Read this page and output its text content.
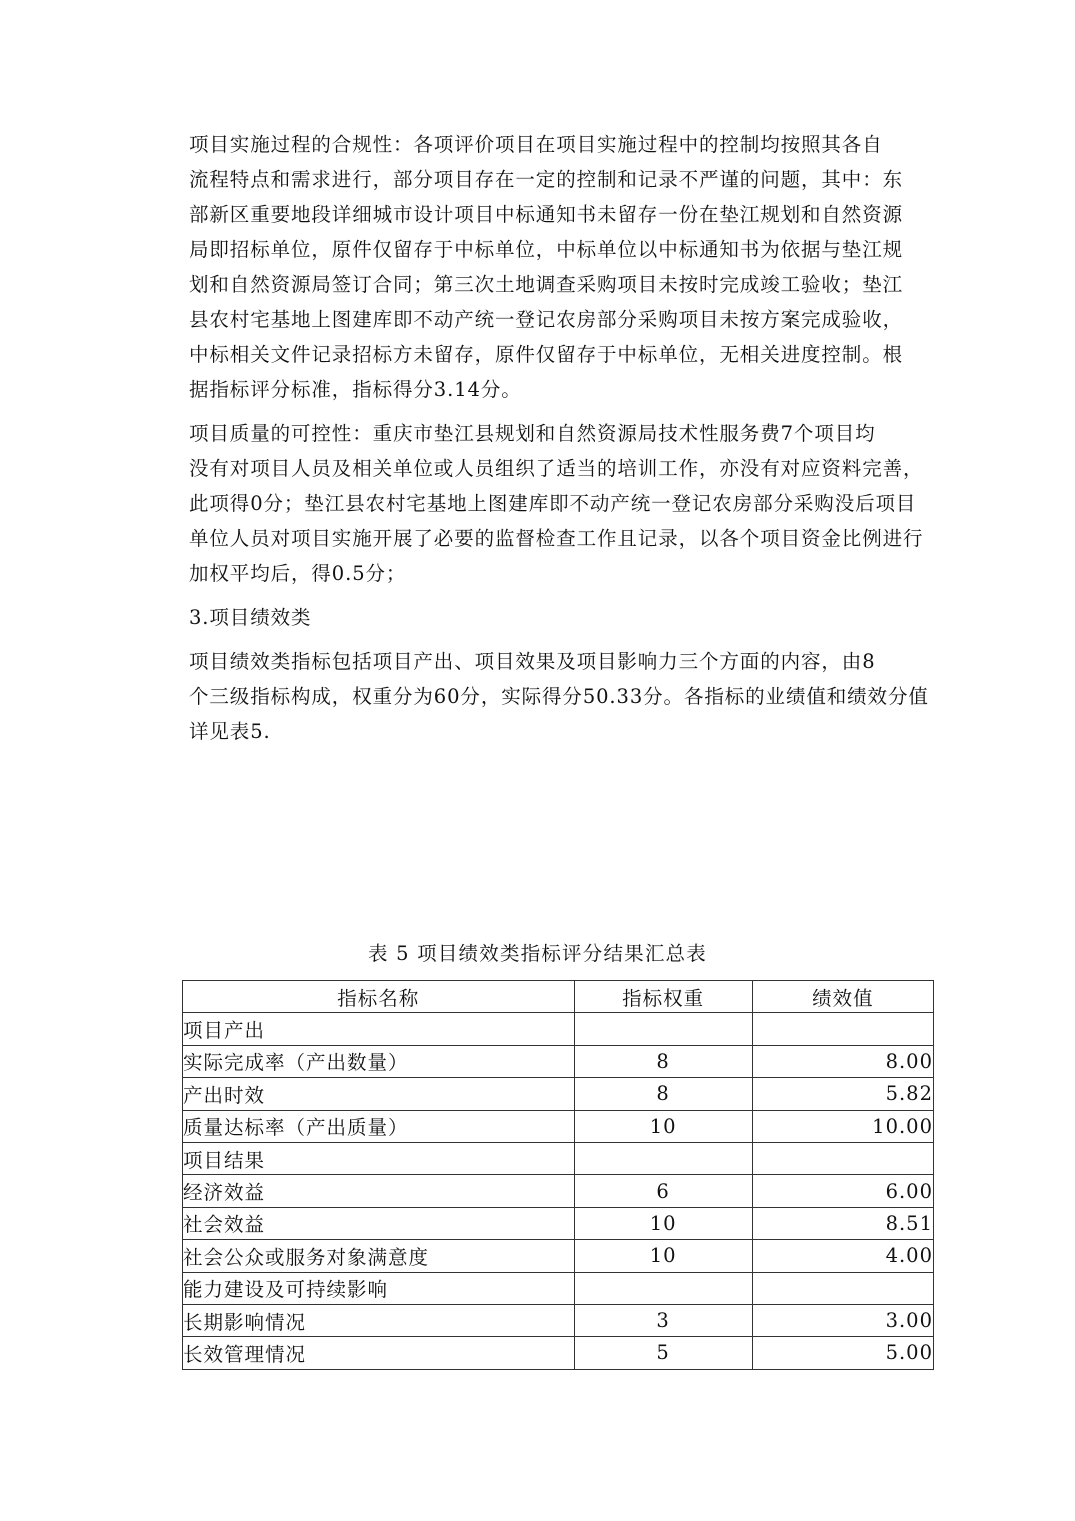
项目实施过程的合规性：各项评价项目在项目实施过程中的控制均按照其各自
流程特点和需求进行，部分项目存在一定的控制和记录不严谨的问题，其中：东
部新区重要地段详细城市设计项目中标通知书未留存一份在垫江规划和自然资源
局即招标单位，原件仅留存于中标单位，中标单位以中标通知书为依据与垫江规
划和自然资源局签订合同；第三次土地调查采购项目未按时完成竣工验收；垫江
县农村宅基地上图建库即不动产统一登记农房部分采购项目未按方案完成验收，
中标相关文件记录招标方未留存，原件仅留存于中标单位，无相关进度控制。根
据指标评分标准，指标得分3.14分。

项目质量的可控性：重庆市垫江县规划和自然资源局技术性服务费7个项目均
没有对项目人员及相关单位或人员组织了适当的培训工作，亦没有对应资料完善，
此项得0分；垫江县农村宅基地上图建库即不动产统一登记农房部分采购没后项目
单位人员对项目实施开展了必要的监督检查工作且记录，以各个项目资金比例进行
加权平均后，得0.5分；

3.项目绩效类

项目绩效类指标包括项目产出、项目效果及项目影响力三个方面的内容，由8
个三级指标构成，权重分为60分，实际得分50.33分。各指标的业绩值和绩效分值
详见表5.

表 5 项目绩效类指标评分结果汇总表
指标名称	指标权重	绩效值
项目产出		
实际完成率（产出数量）	8	8.00
产出时效	8	5.82
质量达标率（产出质量）	10	10.00
项目结果		
经济效益	6	6.00
社会效益	10	8.51
社会公众或服务对象满意度	10	4.00
能力建设及可持续影响		
长期影响情况	3	3.00
长效管理情况	5	5.00
